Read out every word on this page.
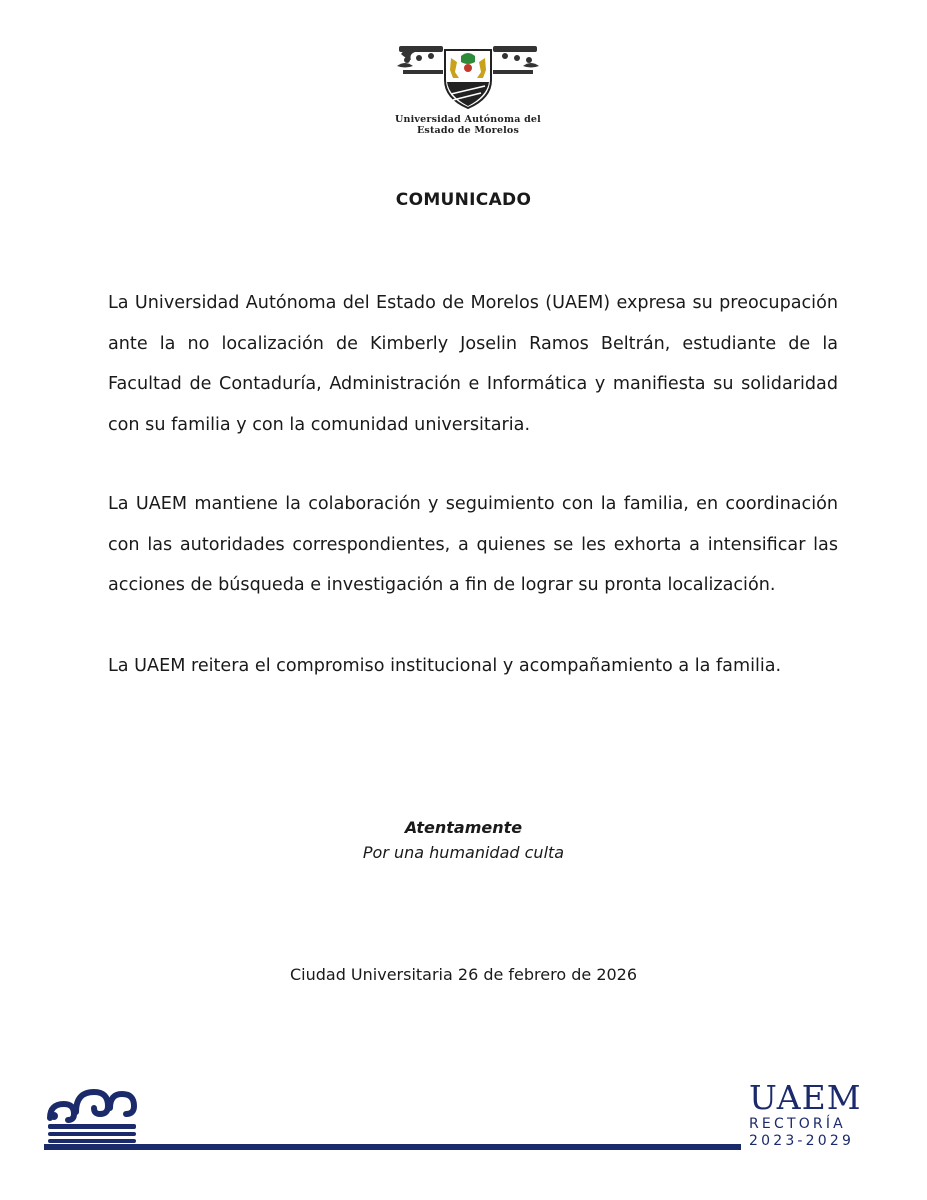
Universidad Autónoma del
Estado de Morelos
COMUNICADO

La Universidad Autónoma del Estado de Morelos (UAEM) expresa su preocupación ante la no localización de Kimberly Joselin Ramos Beltrán, estudiante de la Facultad de Contaduría, Administración e Informática y manifiesta su solidaridad con su familia y con la comunidad universitaria.

La UAEM mantiene la colaboración y seguimiento con la familia, en coordinación con las autoridades correspondientes, a quienes se les exhorta a intensificar las acciones de búsqueda e investigación a fin de lograr su pronta localización.

La UAEM reitera el compromiso institucional y acompañamiento a la familia.

Atentamente
Por una humanidad culta
Ciudad Universitaria 26 de febrero de 2026
UAEM
RECTORÍA
2023-2029
